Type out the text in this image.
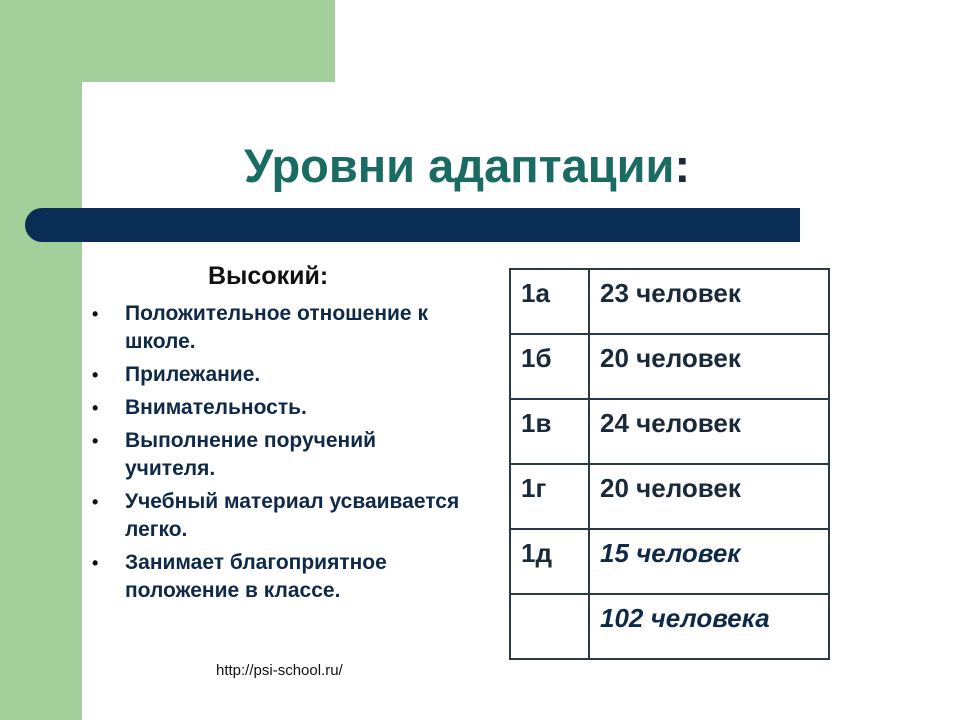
Уровни адаптации:
Высокий:
• Положительное отношение к школе.
• Прилежание.
• Внимательность.
• Выполнение поручений учителя.
• Учебный материал усваивается легко.
• Занимает благоприятное положение в классе.
1а	23 человек
1б	20 человек
1в	24 человек
1г	20 человек
1д	15 человек
	102 человека
http://psi-school.ru/
